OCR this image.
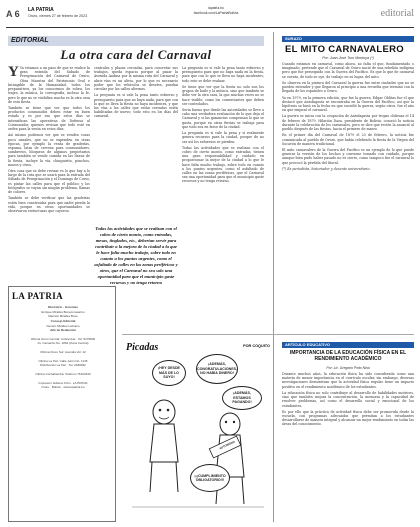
A 6 LA PATRIA
Oruro, viernes 27 de febrero de 2023
lapatria.bo
facebook.com/LaPatriaBolivia	editorial
EDITORIAL
La otra cara del Carnaval

Y Ya estamos a un paso de que se realice la gran entrada del Sábado de Peregrinación del Carnaval de Oruro, Obra Maestra del Patrimonio Oral e Intangible de la Humanidad, todos los preparativos, ya los conocemos de sobra, los trajes, la música, la coreografía, incluso la fe, pero lo que no se visibiliza mucho es la otra cara de esta fiesta.

También se tiene que ver que todos los productos consumidos deben estar en buen estado y es por eso que estos días se intensifican las operativas de Defensa al Consumidor, quienes revisan que todo esté en orden para la venta en estos días.

Así mismo podemos ver que se venden cosas poco usuales, que no se expenden en otras épocas, por ejemplo la venta de graderías, espuma, latas de cerveza para consumidores, sombreros, bloqueos de algunos propietarios para también se vende comida en las líneas de la fiesta, incluye la vía, chinguirito, ponchos, mazos y otros.

Otra cosa que se debe revisar es lo que hay a lo largo de la ruta que se usará para la entrada del Sábado de Peregrinación y el Domingo de Corso, es pintar las calles para que el público y los fotógrafos se vayan sin ningún problema, llamas de colores.

También se debe verificar que las graderías estén bien construidas para que nadie pierda la vida, porque en otras oportunidades se observaron estructuras que cayeron.

centrales y plazas cercadas, para concretar sus trabajos, queda espacio porque al pasar la Avenida Andina por la misma ruta del Carnaval y abrir vías es un alivio, por lo que es necesario poder que los vehículos se desvíen, puedan circular por las calles alternas.

La pregunta es si vale la pena tanto esfuerzo y presupuesto para que no haya nada, para que con lo que se lleva la fiesta no haya incidentes, y que las vías a las calles que están cerradas estén habilitadas de nuevo; todo esto en los días del carnaval.

Todas las actividades que se realizan con el cobro de cierto monto, como entradas, mesas, tinglados, etc., deberían servir para contribuir a la mejora de la ciudad a la que le hace falta mucho trabajo, sobre todo en cuanto a los puntos urgentes, como el asfaltado de calles en las zonas periféricas y otros, que el Carnaval no sea solo una oportunidad para que el municipio gaste recursos y no tenga retorno

La pregunta es si vale la pena tanto esfuerzo y presupuesto para que no haya nada en la fiesta, para que con lo que se lleva no haya incidentes; todo esto se debe evaluar.

Se tiene que ver que la fiesta no solo son los grupos de baile y la música, sino que también se debe ver la otra cara, la que muchas veces no se hace visible, como los comerciantes que deben ser controlados.

Sería bueno que desde las autoridades se lleve a cabo una verdadera evaluación de lo que deja el Carnaval y si las ganancias compensan lo que se gasta, porque en otras fiestas se trabaja para que todo sea en favor de la ciudad.

La pregunta es si vale la pena y si realmente genera recursos para la ciudad, porque de no ser así los esfuerzos se pierden.

Todas las actividades que se realizan con el cobro de cierto monto, como entradas, tienen una gran responsabilidad y cuidado en proporcionar la mejor de la ciudad a lo que le hace falta mucho trabajo, sobre todo en cuanto a los puntos urgentes, como el asfaltado de calles en las zonas periféricas, que el Carnaval sea una oportunidad para que el municipio gaste recursos y no tenga retorno.

SURAZO
EL MITO CARNAVALERO
Por: Juan José Toro Montoya (*)

Cuando estamos en carnaval, como ahora, no falta el que, fundamentado o imaginado, pretende que el Carnaval de Oruro nació de una rebelión indígena pero que fue perseguido con la Guerra del Pacífico. Es que lo que de carnaval se cuenta, de todo se oye, de trabajo en su lugar, del mito.

Se observa en la pintura del Carnaval la guerra fue entre ciudades que no se pueden entender y que llegaron al principio a una revuelta que terminó con la llegada de los españoles a Oruro.

Ya en 1979, en la primera edición, que fue la guerra, Edgar Oblitas fue el que destacó que Antofagasta se encontraba en la Guerra del Pacífico, así que la hipótesis se basó en la fecha en que sucedió la guerra, según otros, fue el año en que empezó el carnaval.

La guerra se inicia con la ocupación de Antofagasta por tropas chilenas el 14 de febrero de 1879. Hilarión Daza, presidente de Bolivia, conoció la noticia durante la celebración de los carnavales, pero se dice que recién la anunció al pueblo después de las fiestas, hacia el primero de marzo.

En el primer día del Carnaval de 1879 el 23 de febrero, la noticia fue comunicada al pueblo de Oruro, que había celebrado la fiesta de la Virgen del Socavón de manera tradicional.

El mito carnavalero de la Guerra del Pacífico es un ejemplo de lo que puede generar la versión de los hechos y conviene tomarlo con cuidado, porque aunque bien pudo haber pasado no es cierto, como tampoco fue el carnaval lo que provocó la pérdida del litoral.

(*) Es periodista, historiador y docente universitario.

LA PATRIA
Directorio · Gerentes
Enrique Miralles Bonecorosarino
Marcelo Miralles Bove
Consejo Editorial
Genaro Miralles Lazcano
Jefe de Redacción
Oficina Oruro Central: Cobranzas · Tel. 5276830
Av. Camacho No. 1892 (Zona Central)
Oficina Oruro Sur: Avenida Vol. 12
Oficina La Paz: Calle Junín No. 1145
Distribución La Paz · Tel. 2480092
Oficina Cochabamba: Teléfono 76104630
Impresión: Editora S.R.L. LA PATRIA
Oruro · Bolivia · www.lapatria.bo
Picadas	POR COQUITO
¡HEY DESDE MÁS DE LO SUYO!
¡ADEMÁS, CONGRATULACIONES, NO HABÍA DINERO!
¡ADEMÁS, ESTAMOS PAGANDO!
¡¡¡CUMPLIMIENTO OBLIGATORIO!!!
AUTORIDAD
ARTÍCULO EDUCATIVO
IMPORTANCIA DE LA EDUCACIÓN FÍSICA EN EL RENDIMIENTO ACADÉMICO
Por: Lic. Gregorio Pinto Nina

Durante muchos años, la educación física ha sido considerada como una materia de menor importancia en el currículo escolar, sin embargo, diversas investigaciones demuestran que la actividad física regular tiene un impacto positivo en el rendimiento académico de los estudiantes.

La educación física no solo contribuye al desarrollo de habilidades motrices, sino que también mejora la concentración, la memoria y la capacidad de resolver problemas, así como el desarrollo social y emocional de los estudiantes.

Es por ello que la práctica de actividad física debe ser promovida desde la escuela, con programas adecuados que permitan a los estudiantes desarrollarse de manera integral y alcanzar un mejor rendimiento en todas las áreas del conocimiento.
